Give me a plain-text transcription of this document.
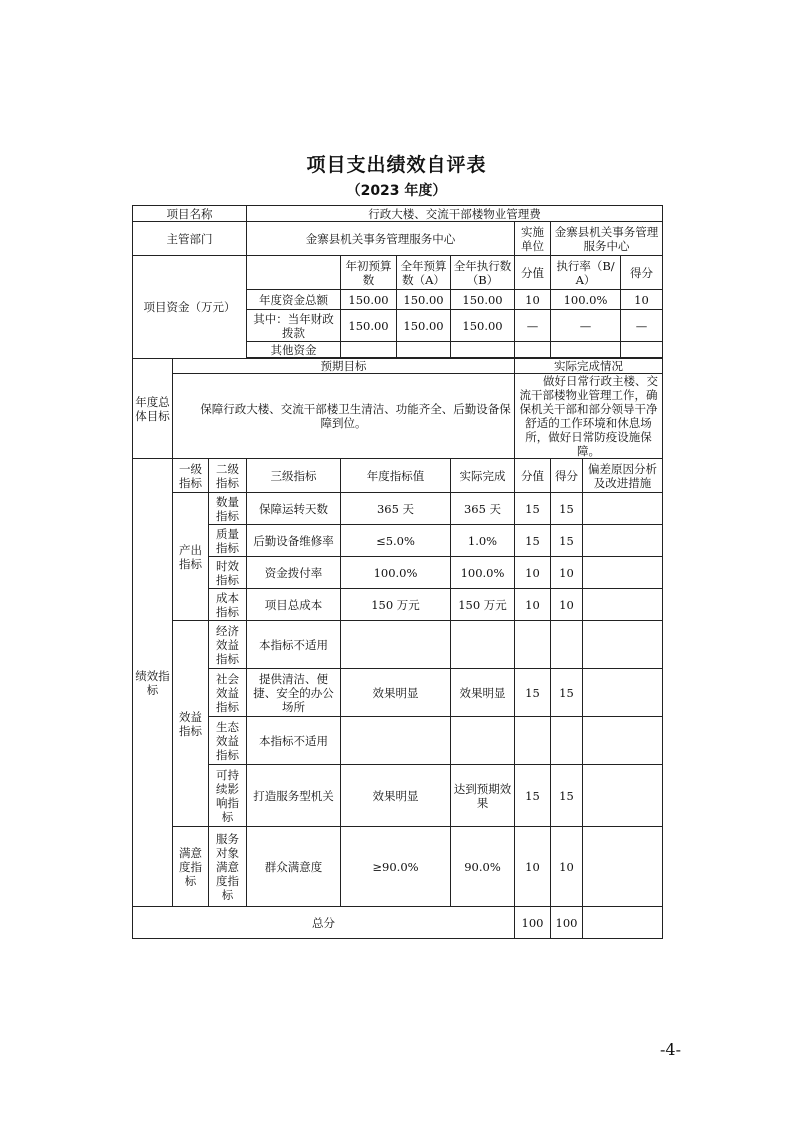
项目支出绩效自评表
（2023 年度）
项目名称			行政大楼、交流干部楼物业管理费							
主管部门			金寨县机关事务管理服务中心				实施单位	金寨县机关事务管理服务中心		
项目资金（万元）				年初预算数	全年预算数（A）	全年执行数（B）	分值	执行率（B/A）		得分
			年度资金总额	150.00	150.00	150.00	10	100.0%		10
			其中：当年财政拨款	150.00	150.00	150.00	—	—		—
			其他资金							

年度总体目标	预期目标						实际完成情况			
	保障行政大楼、交流干部楼卫生清洁、功能齐全、后勤设备保障到位。						做好日常行政主楼、交流干部楼物业管理工作，确保机关干部和部分领导干净舒适的工作环境和休息场所，做好日常防疫设施保障。			
绩效指标	一级指标	二级指标	三级指标	年度指标值		实际完成	分值	得分	偏差原因分析及改进措施	
	产出指标	数量指标	保障运转天数	365 天		365 天	15	15		
		质量指标	后勤设备维修率	≤5.0%		1.0%	15	15		
		时效指标	资金拨付率	100.0%		100.0%	10	10		
		成本指标	项目总成本	150 万元		150 万元	10	10		
	效益指标	经济效益指标	本指标不适用							
		社会效益指标	提供清洁、便捷、安全的办公场所	效果明显		效果明显	15	15		
		生态效益指标	本指标不适用							
		可持续影响指标	打造服务型机关	效果明显		达到预期效果	15	15		
	满意度指标	服务对象满意度指标	群众满意度	≥90.0%		90.0%	10	10		
总分							100	100		
-4-
